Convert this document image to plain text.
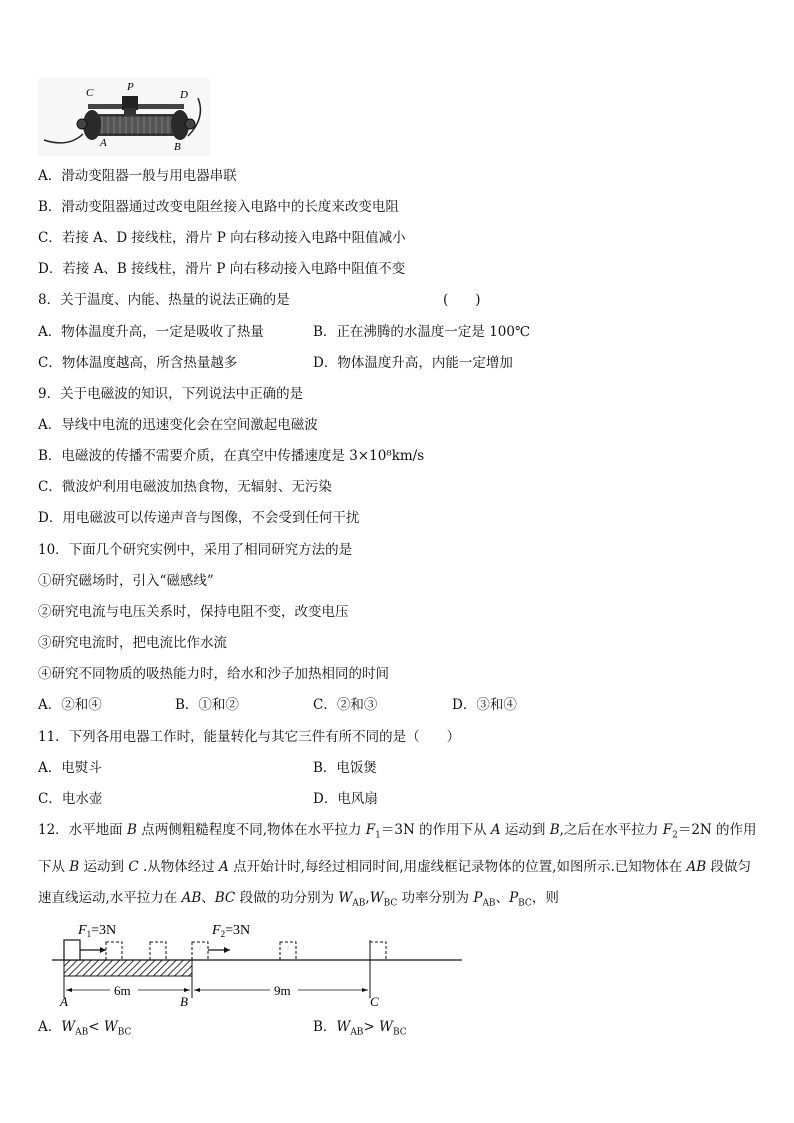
C	P
D
A	B
A．滑动变阻器一般与用电器串联
B．滑动变阻器通过改变电阻丝接入电路中的长度来改变电阻
C．若接 A、D 接线柱，滑片 P 向右移动接入电路中阻值减小
D．若接 A、B 接线柱，滑片 P 向右移动接入电路中阻值不变
8．关于温度、内能、热量的说法正确的是	(　　)
A．物体温度升高，一定是吸收了热量	B．正在沸腾的水温度一定是 100℃
C．物体温度越高，所含热量越多	D．物体温度升高，内能一定增加
9．关于电磁波的知识，下列说法中正确的是
A．导线中电流的迅速变化会在空间激起电磁波
B．电磁波的传播不需要介质，在真空中传播速度是 3×10⁸km/s
C．微波炉利用电磁波加热食物，无辐射、无污染
D．用电磁波可以传递声音与图像，不会受到任何干扰
10．下面几个研究实例中，采用了相同研究方法的是
①研究磁场时，引入“磁感线”
②研究电流与电压关系时，保持电阻不变，改变电压
③研究电流时，把电流比作水流
④研究不同物质的吸热能力时，给水和沙子加热相同的时间
A．②和④	B．①和②	C．②和③	D．③和④
11．下列各用电器工作时，能量转化与其它三件有所不同的是（　　）
A．电熨斗	B．电饭煲
C．电水壶	D．电风扇
12．水平地面 B 点两侧粗糙程度不同,物体在水平拉力 $F_1=3N$ 的作用下从 A 运动到 B,之后在水平拉力 $F_2=2N$ 的作用下从 B 运动到 C .从物体经过 A 点开始计时,每经过相同时间,用虚线框记录物体的位置,如图所示.已知物体在 AB 段做匀速直线运动,水平拉力在 AB、BC 段做的功分别为 $W_{AB},W_{BC}$ 功率分别为 $P_{AB}$、$P_{BC}$，则
$F_1=3N$	$F_2=3N$
6m	9m
A	B	C
A．$W_{AB}< W_{BC}$	B．$W_{AB}> W_{BC}$
